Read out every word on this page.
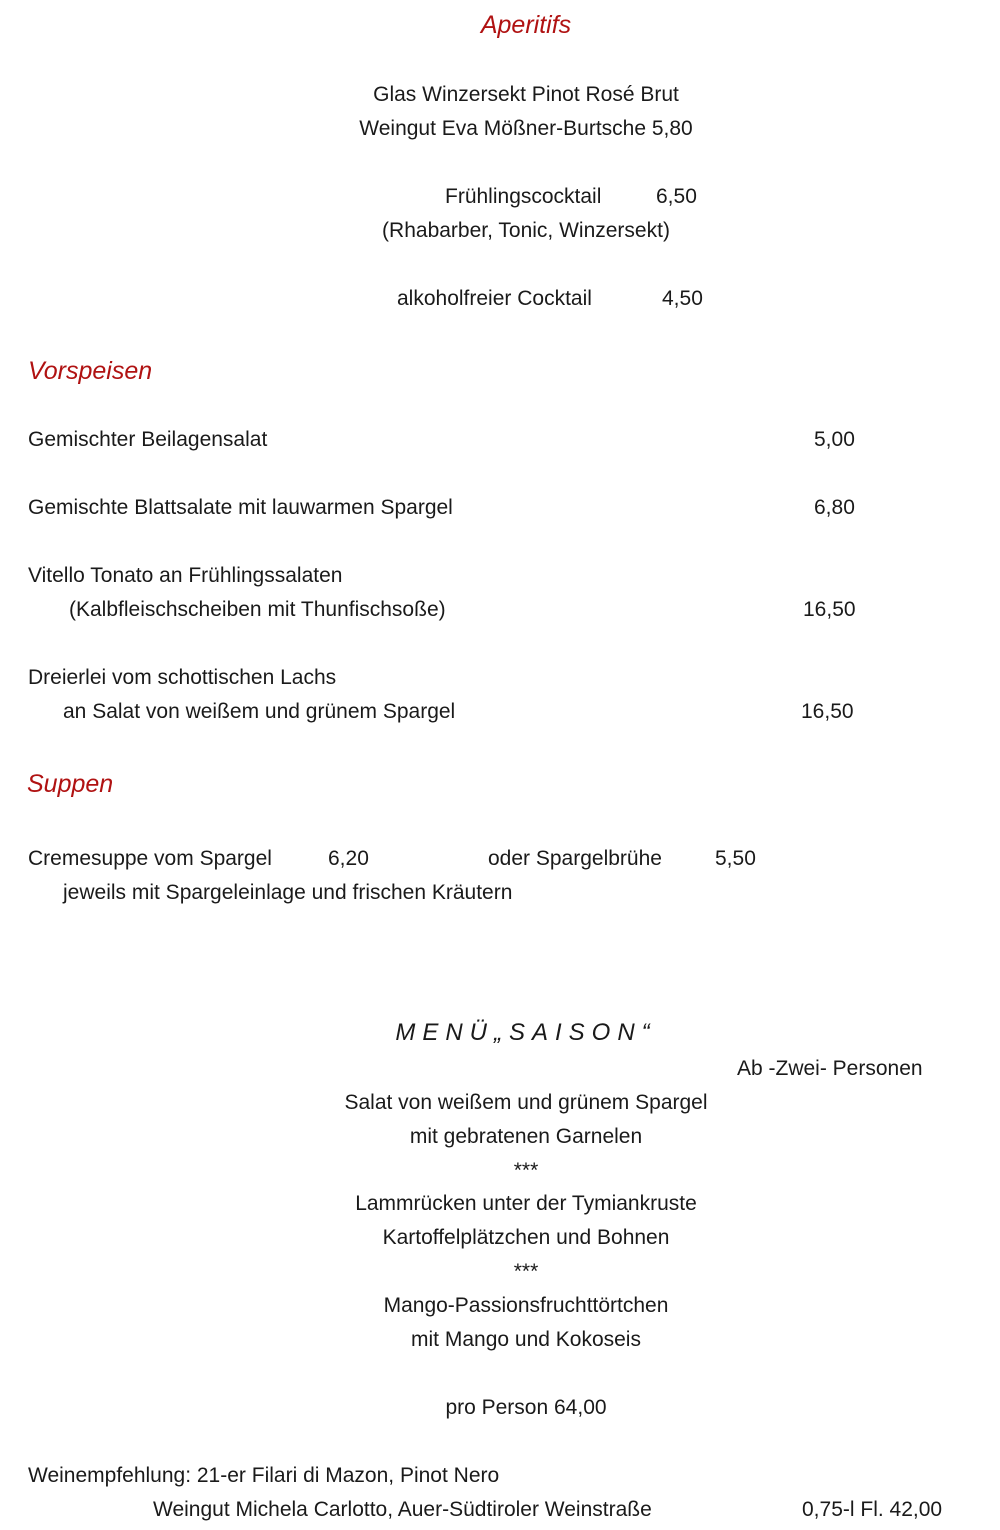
Aperitifs
Glas Winzersekt Pinot Rosé Brut
Weingut Eva Mößner-Burtsche 5,80
Frühlingscocktail	6,50
(Rhabarber, Tonic, Winzersekt)
alkoholfreier Cocktail	4,50
Vorspeisen
Gemischter Beilagensalat	5,00
Gemischte Blattsalate mit lauwarmen Spargel	6,80
Vitello Tonato an Frühlingssalaten
(Kalbfleischscheiben mit Thunfischsoße)	16,50
Dreierlei vom schottischen Lachs
an Salat von weißem und grünem Spargel	16,50
Suppen
Cremesuppe vom Spargel	6,20	oder Spargelbrühe	5,50
jeweils mit Spargeleinlage und frischen Kräutern
MENÜ„SAISON“
Ab -Zwei- Personen
Salat von weißem und grünem Spargel
mit gebratenen Garnelen
***
Lammrücken unter der Tymiankruste
Kartoffelplätzchen und Bohnen
***
Mango-Passionsfruchttörtchen
mit Mango und Kokoseis
pro Person 64,00
Weinempfehlung: 21-er Filari di Mazon, Pinot Nero
Weingut Michela Carlotto, Auer-Südtiroler Weinstraße	0,75-l Fl. 42,00
